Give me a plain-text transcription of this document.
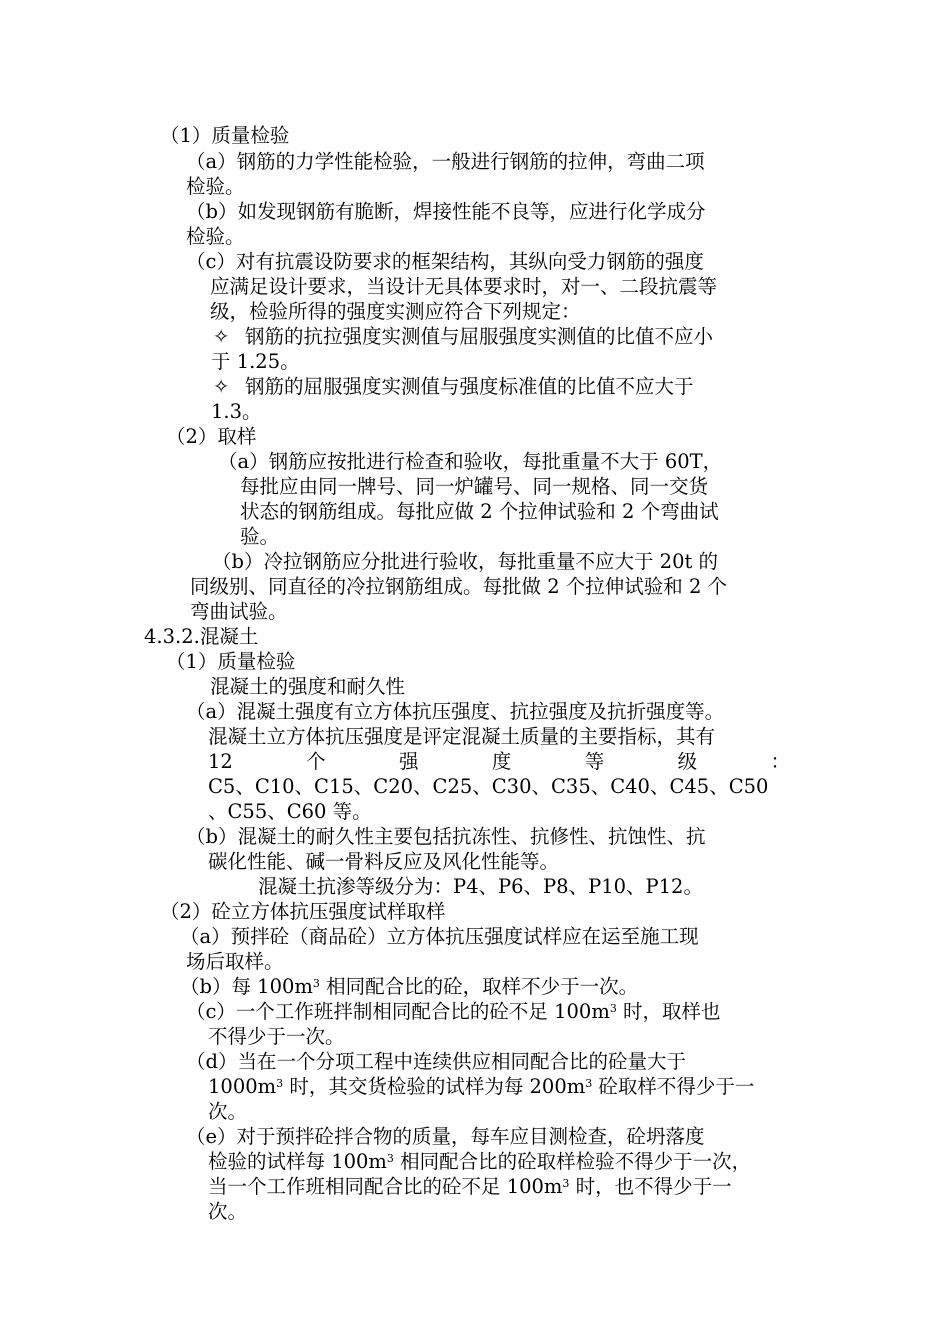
（1）质量检验
（a）钢筋的力学性能检验，一般进行钢筋的拉伸，弯曲二项
检验。
（b）如发现钢筋有脆断，焊接性能不良等，应进行化学成分
检验。
（c）对有抗震设防要求的框架结构，其纵向受力钢筋的强度
应满足设计要求，当设计无具体要求时，对一、二段抗震等
级，检验所得的强度实测应符合下列规定：
✧ 钢筋的抗拉强度实测值与屈服强度实测值的比值不应小
于 1.25。
✧ 钢筋的屈服强度实测值与强度标准值的比值不应大于
1.3。
（2）取样
（a）钢筋应按批进行检查和验收，每批重量不大于 60T，
每批应由同一牌号、同一炉罐号、同一规格、同一交货
状态的钢筋组成。每批应做 2 个拉伸试验和 2 个弯曲试
验。
（b）冷拉钢筋应分批进行验收，每批重量不应大于 20t 的
同级别、同直径的冷拉钢筋组成。每批做 2 个拉伸试验和 2 个
弯曲试验。
4.3.2.混凝土
（1）质量检验
混凝土的强度和耐久性
（a）混凝土强度有立方体抗压强度、抗拉强度及抗折强度等。
混凝土立方体抗压强度是评定混凝土质量的主要指标，其有
12	个	强	度	等	级	：
C5、C10、C15、C20、C25、C30、C35、C40、C45、C50
、C55、C60 等。
（b）混凝土的耐久性主要包括抗冻性、抗修性、抗蚀性、抗
碳化性能、碱一骨料反应及风化性能等。
混凝土抗渗等级分为：P4、P6、P8、P10、P12。
（2）砼立方体抗压强度试样取样
（a）预拌砼（商品砼）立方体抗压强度试样应在运至施工现
场后取样。
（b）每 $100m^3$ 相同配合比的砼，取样不少于一次。
（c）一个工作班拌制相同配合比的砼不足 $100m^3$ 时，取样也
不得少于一次。
（d）当在一个分项工程中连续供应相同配合比的砼量大于
$1000m^3$ 时，其交货检验的试样为每 $200m^3$ 砼取样不得少于一
次。
（e）对于预拌砼拌合物的质量，每车应目测检查，砼坍落度
检验的试样每 $100m^3$ 相同配合比的砼取样检验不得少于一次，
当一个工作班相同配合比的砼不足 $100m^3$ 时，也不得少于一
次。
